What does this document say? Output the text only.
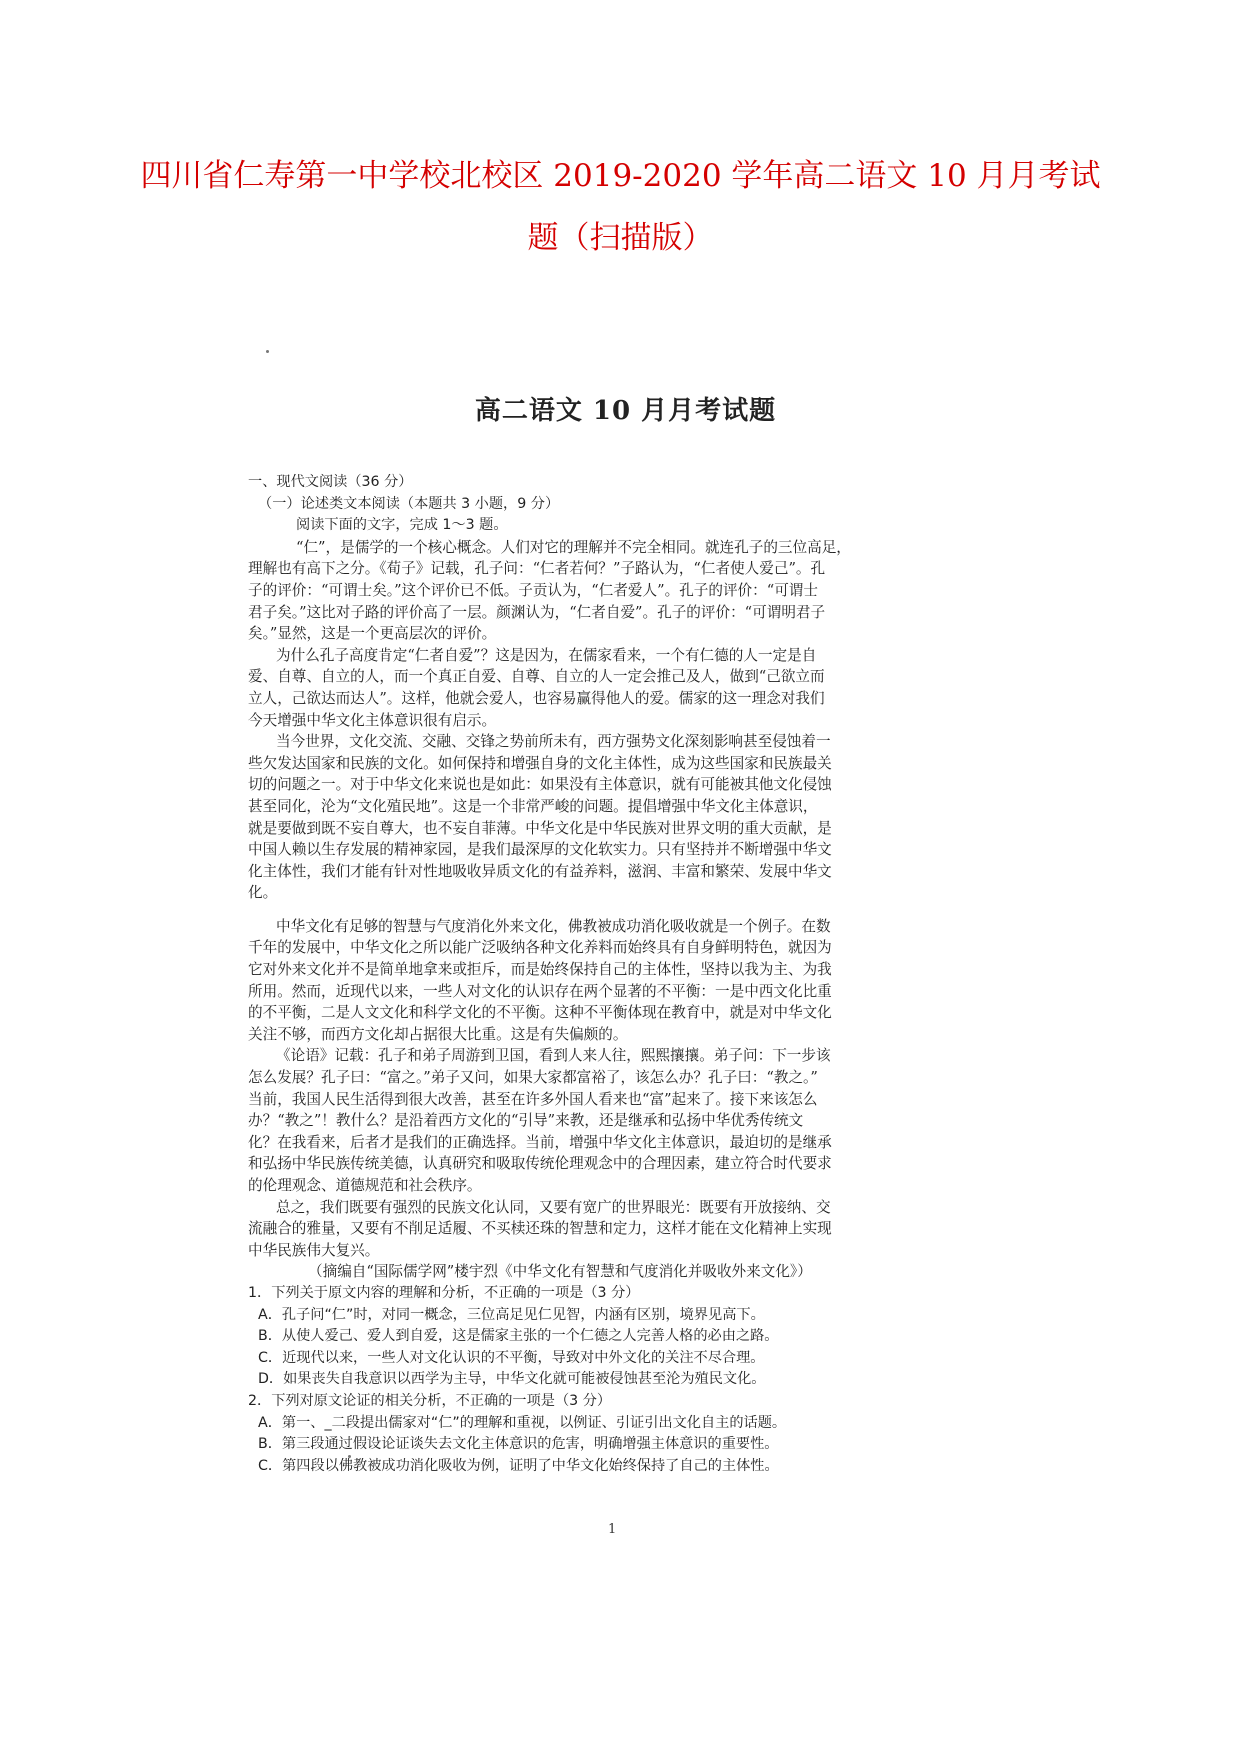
四川省仁寿第一中学校北校区 2019-2020 学年高二语文 10 月月考试
题（扫描版）
高二语文 10 月月考试题
一、现代文阅读（36 分）
（一）论述类文本阅读（本题共 3 小题，9 分）
阅读下面的文字，完成 1～3 题。
“仁”，是儒学的一个核心概念。人们对它的理解并不完全相同。就连孔子的三位高足，
理解也有高下之分。《荀子》记载，孔子问：“仁者若何？”子路认为，“仁者使人爱己”。孔
子的评价：“可谓士矣。”这个评价已不低。子贡认为，“仁者爱人”。孔子的评价：“可谓士
君子矣。”这比对子路的评价高了一层。颜渊认为，“仁者自爱”。孔子的评价：“可谓明君子
矣。”显然，这是一个更高层次的评价。
为什么孔子高度肯定“仁者自爱”？这是因为，在儒家看来，一个有仁德的人一定是自
爱、自尊、自立的人，而一个真正自爱、自尊、自立的人一定会推己及人，做到“己欲立而
立人，己欲达而达人”。这样，他就会爱人，也容易赢得他人的爱。儒家的这一理念对我们
今天增强中华文化主体意识很有启示。
当今世界，文化交流、交融、交锋之势前所未有，西方强势文化深刻影响甚至侵蚀着一
些欠发达国家和民族的文化。如何保持和增强自身的文化主体性，成为这些国家和民族最关
切的问题之一。对于中华文化来说也是如此：如果没有主体意识，就有可能被其他文化侵蚀
甚至同化，沦为“文化殖民地”。这是一个非常严峻的问题。提倡增强中华文化主体意识，
就是要做到既不妄自尊大，也不妄自菲薄。中华文化是中华民族对世界文明的重大贡献，是
中国人赖以生存发展的精神家园，是我们最深厚的文化软实力。只有坚持并不断增强中华文
化主体性，我们才能有针对性地吸收异质文化的有益养料，滋润、丰富和繁荣、发展中华文
化。
中华文化有足够的智慧与气度消化外来文化，佛教被成功消化吸收就是一个例子。在数
千年的发展中，中华文化之所以能广泛吸纳各种文化养料而始终具有自身鲜明特色，就因为
它对外来文化并不是简单地拿来或拒斥，而是始终保持自己的主体性，坚持以我为主、为我
所用。然而，近现代以来，一些人对文化的认识存在两个显著的不平衡：一是中西文化比重
的不平衡，二是人文文化和科学文化的不平衡。这种不平衡体现在教育中，就是对中华文化
关注不够，而西方文化却占据很大比重。这是有失偏颇的。
《论语》记载：孔子和弟子周游到卫国，看到人来人往，熙熙攘攘。弟子问：下一步该
怎么发展？孔子曰：“富之。”弟子又问，如果大家都富裕了，该怎么办？孔子曰：“教之。”
当前，我国人民生活得到很大改善，甚至在许多外国人看来也“富”起来了。接下来该怎么
办？“教之”！教什么？是沿着西方文化的“引导”来教，还是继承和弘扬中华优秀传统文
化？在我看来，后者才是我们的正确选择。当前，增强中华文化主体意识，最迫切的是继承
和弘扬中华民族传统美德，认真研究和吸取传统伦理观念中的合理因素，建立符合时代要求
的伦理观念、道德规范和社会秩序。
总之，我们既要有强烈的民族文化认同，又要有宽广的世界眼光：既要有开放接纳、交
流融合的雅量，又要有不削足适履、不买椟还珠的智慧和定力，这样才能在文化精神上实现
中华民族伟大复兴。
（摘编自“国际儒学网”楼宇烈《中华文化有智慧和气度消化并吸收外来文化》）
1．下列关于原文内容的理解和分析，不正确的一项是（3 分）
A．孔子问“仁”时，对同一概念，三位高足见仁见智，内涵有区别，境界见高下。
B．从使人爱己、爱人到自爱，这是儒家主张的一个仁德之人完善人格的必由之路。
C．近现代以来，一些人对文化认识的不平衡，导致对中外文化的关注不尽合理。
D．如果丧失自我意识以西学为主导，中华文化就可能被侵蚀甚至沦为殖民文化。
2．下列对原文论证的相关分析，不正确的一项是（3 分）
A．第一、_二段提出儒家对“仁”的理解和重视，以例证、引证引出文化自主的话题。
B．第三段通过假设论证谈失去文化主体意识的危害，明确增强主体意识的重要性。
C．第四段以佛教被成功消化吸收为例，证明了中华文化始终保持了自己的主体性。
1
